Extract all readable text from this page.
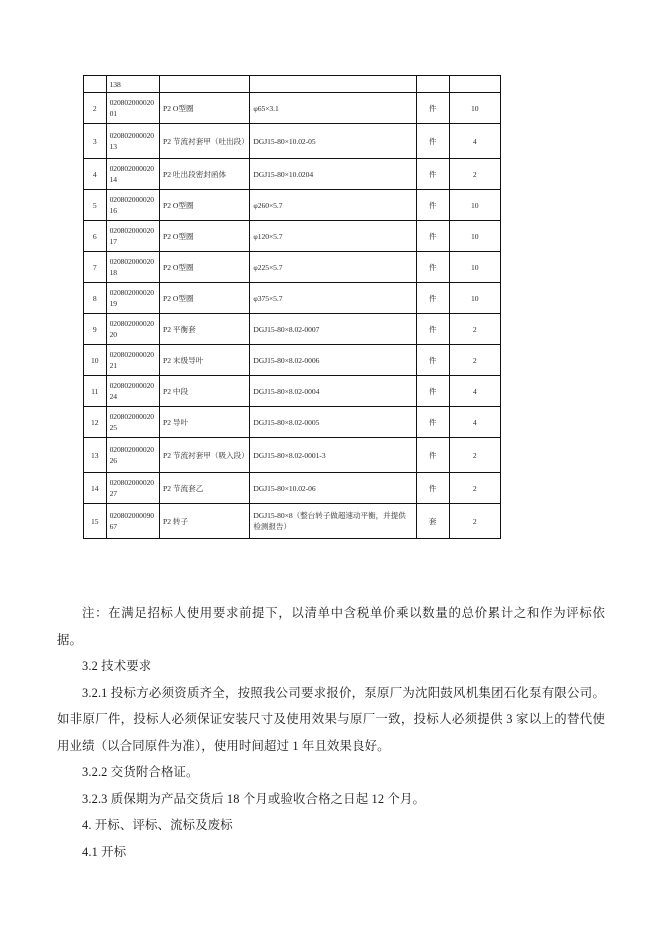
	138				
2	02080200002001	P2 O型圈	φ65×3.1	件	10
3	02080200002013	P2 节流衬套甲（吐出段）	DGJ15-80×10.02-05	件	4
4	02080200002014	P2 吐出段密封函体	DGJ15-80×10.0204	件	2
5	02080200002016	P2 O型圈	φ260×5.7	件	10
6	02080200002017	P2 O型圈	φ120×5.7	件	10
7	02080200002018	P2 O型圈	φ225×5.7	件	10
8	02080200002019	P2 O型圈	φ375×5.7	件	10
9	02080200002020	P2 平衡套	DGJ15-80×8.02-0007	件	2
10	02080200002021	P2 末级导叶	DGJ15-80×8.02-0006	件	2
11	02080200002024	P2 中段	DGJ15-80×8.02-0004	件	4
12	02080200002025	P2 导叶	DGJ15-80×8.02-0005	件	4
13	02080200002026	P2 节流衬套甲（吸入段）	DGJ15-80×8.02-0001-3	件	2
14	02080200002027	P2 节流套乙	DGJ15-80×10.02-06	件	2
15	02080200009067	P2 转子	DGJ15-80×8（整台转子做超速动平衡，并提供检测报告）	套	2

注：在满足招标人使用要求前提下，以清单中含税单价乘以数量的总价累计之和作为评标依据。

3.2 技术要求

3.2.1 投标方必须资质齐全，按照我公司要求报价，泵原厂为沈阳鼓风机集团石化泵有限公司。如非原厂件，投标人必须保证安装尺寸及使用效果与原厂一致，投标人必须提供 3 家以上的替代使用业绩（以合同原件为准），使用时间超过 1 年且效果良好。

3.2.2 交货附合格证。

3.2.3 质保期为产品交货后 18 个月或验收合格之日起 12 个月。

4. 开标、评标、流标及废标

4.1 开标
